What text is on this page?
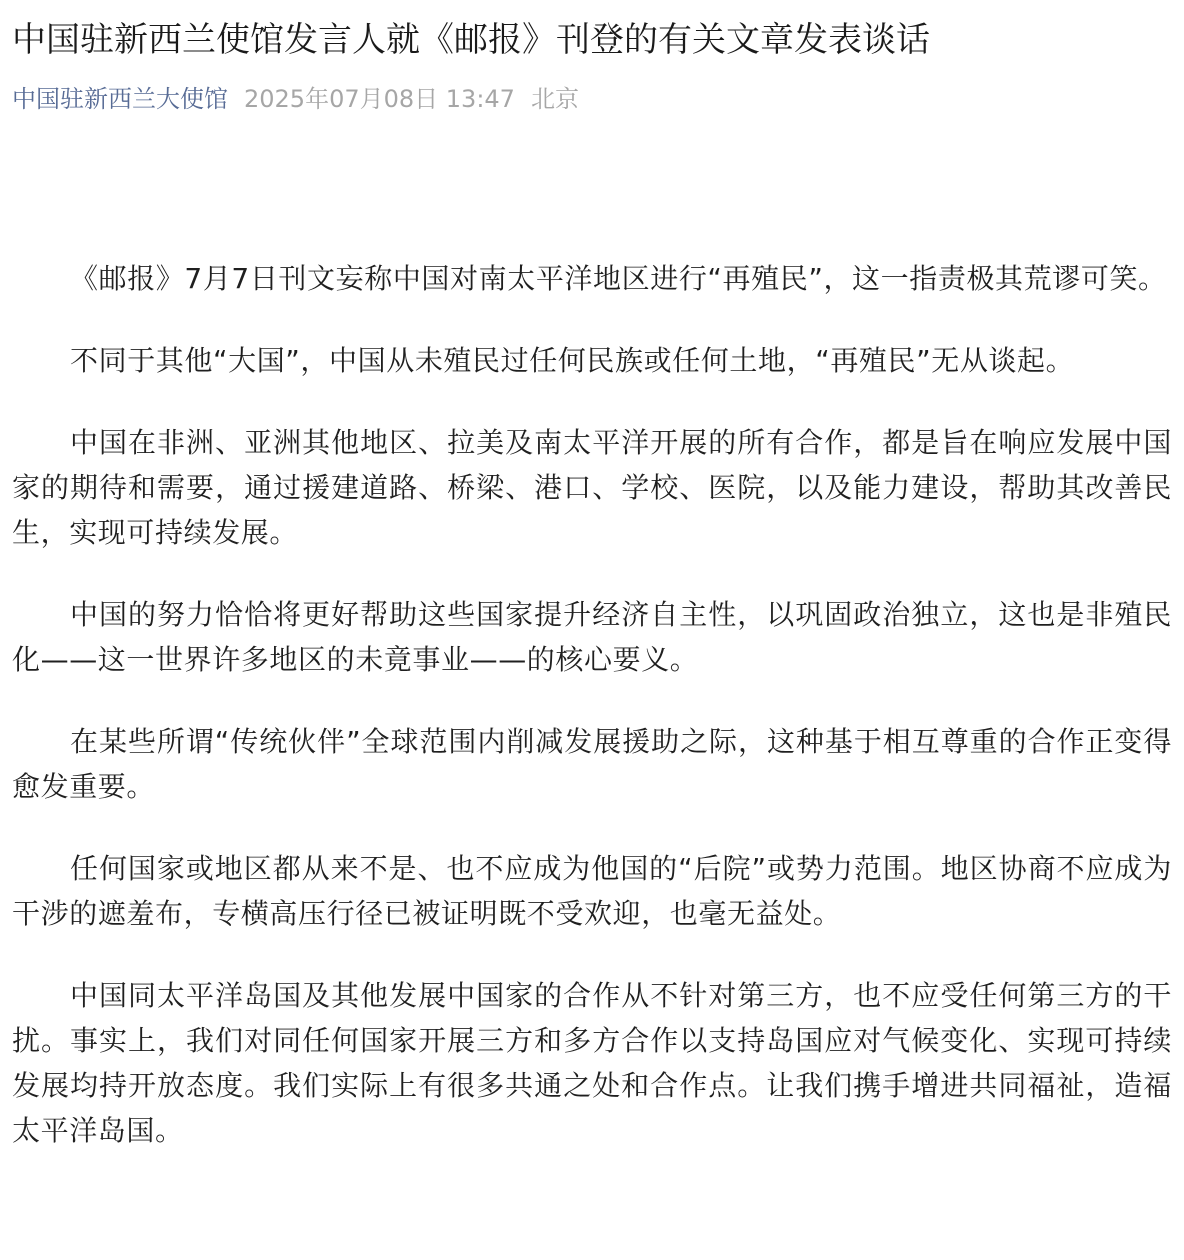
中国驻新西兰使馆发言人就《邮报》刊登的有关文章发表谈话
中国驻新西兰大使馆 2025年07月08日 13:47 北京

《邮报》7月7日刊文妄称中国对南太平洋地区进行“再殖民”，这一指责极其荒谬可笑。

不同于其他“大国”，中国从未殖民过任何民族或任何土地，“再殖民”无从谈起。

中国在非洲、亚洲其他地区、拉美及南太平洋开展的所有合作，都是旨在响应发展中国家的期待和需要，通过援建道路、桥梁、港口、学校、医院，以及能力建设，帮助其改善民生，实现可持续发展。

中国的努力恰恰将更好帮助这些国家提升经济自主性，以巩固政治独立，这也是非殖民化——这一世界许多地区的未竟事业——的核心要义。

在某些所谓“传统伙伴”全球范围内削减发展援助之际，这种基于相互尊重的合作正变得愈发重要。

任何国家或地区都从来不是、也不应成为他国的“后院”或势力范围。地区协商不应成为干涉的遮羞布，专横高压行径已被证明既不受欢迎，也毫无益处。

中国同太平洋岛国及其他发展中国家的合作从不针对第三方，也不应受任何第三方的干扰。事实上，我们对同任何国家开展三方和多方合作以支持岛国应对气候变化、实现可持续发展均持开放态度。我们实际上有很多共通之处和合作点。让我们携手增进共同福祉，造福太平洋岛国。
